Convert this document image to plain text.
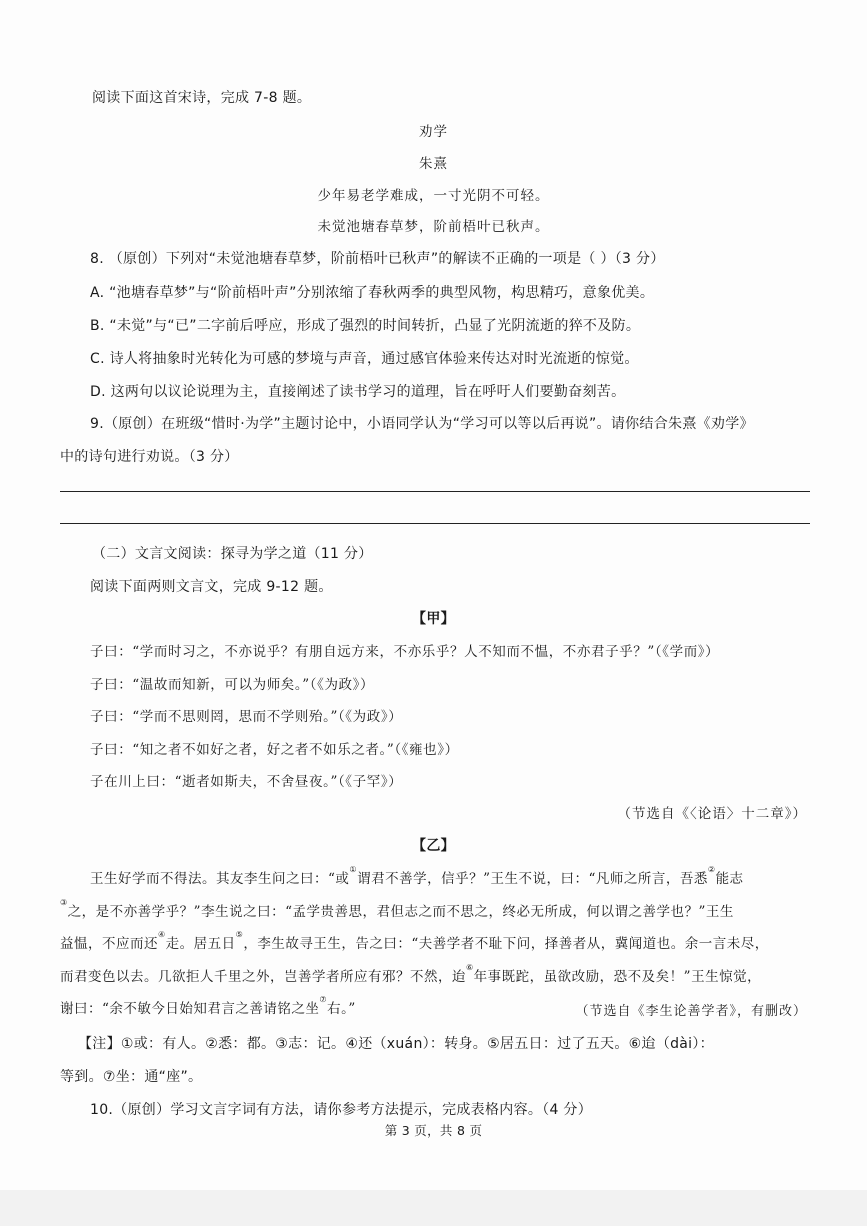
阅读下面这首宋诗，完成 7-8 题。
劝学
朱熹
少年易老学难成，一寸光阴不可轻。
未觉池塘春草梦，阶前梧叶已秋声。
8. （原创）下列对“未觉池塘春草梦，阶前梧叶已秋声”的解读不正确的一项是（ ）（3 分）
A. “池塘春草梦”与“阶前梧叶声”分别浓缩了春秋两季的典型风物，构思精巧，意象优美。
B. “未觉”与“已”二字前后呼应，形成了强烈的时间转折，凸显了光阴流逝的猝不及防。
C. 诗人将抽象时光转化为可感的梦境与声音，通过感官体验来传达对时光流逝的惊觉。
D. 这两句以议论说理为主，直接阐述了读书学习的道理，旨在呼吁人们要勤奋刻苦。
9.（原创）在班级“惜时·为学”主题讨论中，小语同学认为“学习可以等以后再说”。请你结合朱熹《劝学》
中的诗句进行劝说。（3 分）
（二）文言文阅读：探寻为学之道（11 分）
阅读下面两则文言文，完成 9-12 题。
【甲】
子曰：“学而时习之，不亦说乎？有朋自远方来，不亦乐乎？人不知而不愠，不亦君子乎？”（《学而》）
子曰：“温故而知新，可以为师矣。”（《为政》）
子曰：“学而不思则罔，思而不学则殆。”（《为政》）
子曰：“知之者不如好之者，好之者不如乐之者。”（《雍也》）
子在川上曰：“逝者如斯夫，不舍昼夜。”（《子罕》）
（节选自《〈论语〉十二章》）
【乙】
王生好学而不得法。其友李生问之曰：“或①谓君不善学，信乎？”王生不说，曰：“凡师之所言，吾悉②能志
③之，是不亦善学乎？”李生说之曰：“孟学贵善思，君但志之而不思之，终必无所成，何以谓之善学也？”王生
益愠，不应而还④走。居五日⑤，李生故寻王生，告之曰：“夫善学者不耻下问，择善者从，冀闻道也。余一言未尽，
而君变色以去。几欲拒人千里之外，岂善学者所应有邪？不然，迨⑥年事既跎，虽欲改励，恐不及矣！”王生惊觉，
谢曰：“余不敏今日始知君言之善请铭之坐⑦右。”	（节选自《李生论善学者》，有删改）
【注】①或：有人。②悉：都。③志：记。④还（xuán）：转身。⑤居五日：过了五天。⑥迨（dài）：
等到。⑦坐：通“座”。
10.（原创）学习文言字词有方法，请你参考方法提示，完成表格内容。（4 分）
第 3 页，共 8 页
